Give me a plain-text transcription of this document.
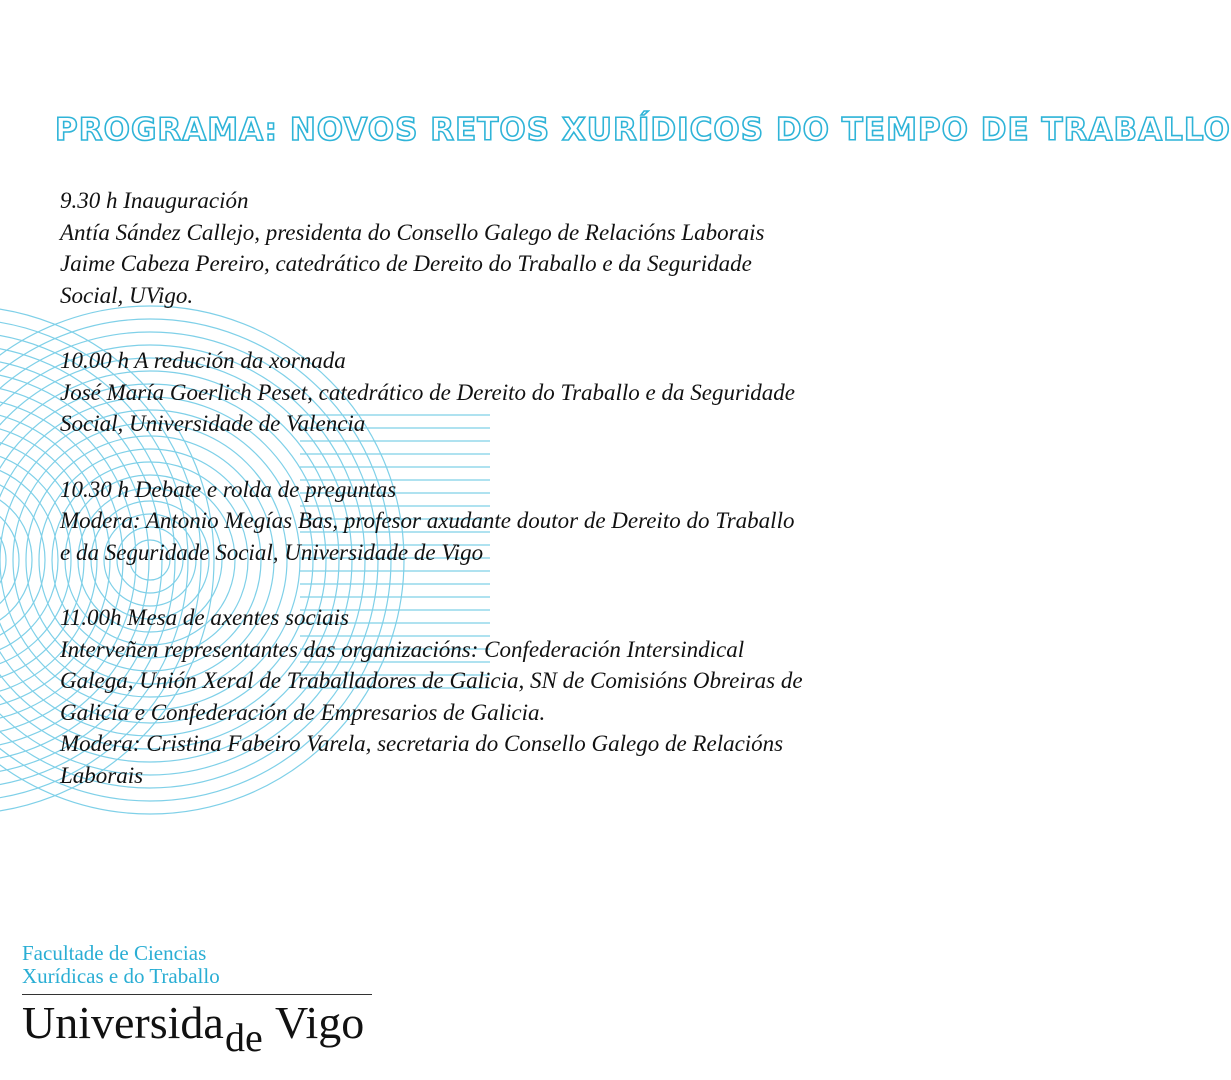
PROGRAMA: NOVOS RETOS XURÍDICOS DO TEMPO DE TRABALLO
9.30 h Inauguración
Antía Sández Callejo, presidenta do Consello Galego de Relacións Laborais
Jaime Cabeza Pereiro, catedrático de Dereito do Traballo e da Seguridade
Social, UVigo.
10.00 h A redución da xornada
José María Goerlich Peset, catedrático de Dereito do Traballo e da Seguridade
Social, Universidade de Valencia
10.30 h Debate e rolda de preguntas
Modera: Antonio Megías Bas, profesor axudante doutor de Dereito do Traballo
e da Seguridade Social, Universidade de Vigo
11.00h Mesa de axentes sociais
Interveñen representantes das organizacións: Confederación Intersindical
Galega, Unión Xeral de Traballadores de Galicia, SN de Comisións Obreiras de
Galicia e Confederación de Empresarios de Galicia.
Modera: Cristina Fabeiro Varela, secretaria do Consello Galego de Relacións
Laborais
Facultade de Ciencias
Xurídicas e do Traballo
Universida de Vigo
